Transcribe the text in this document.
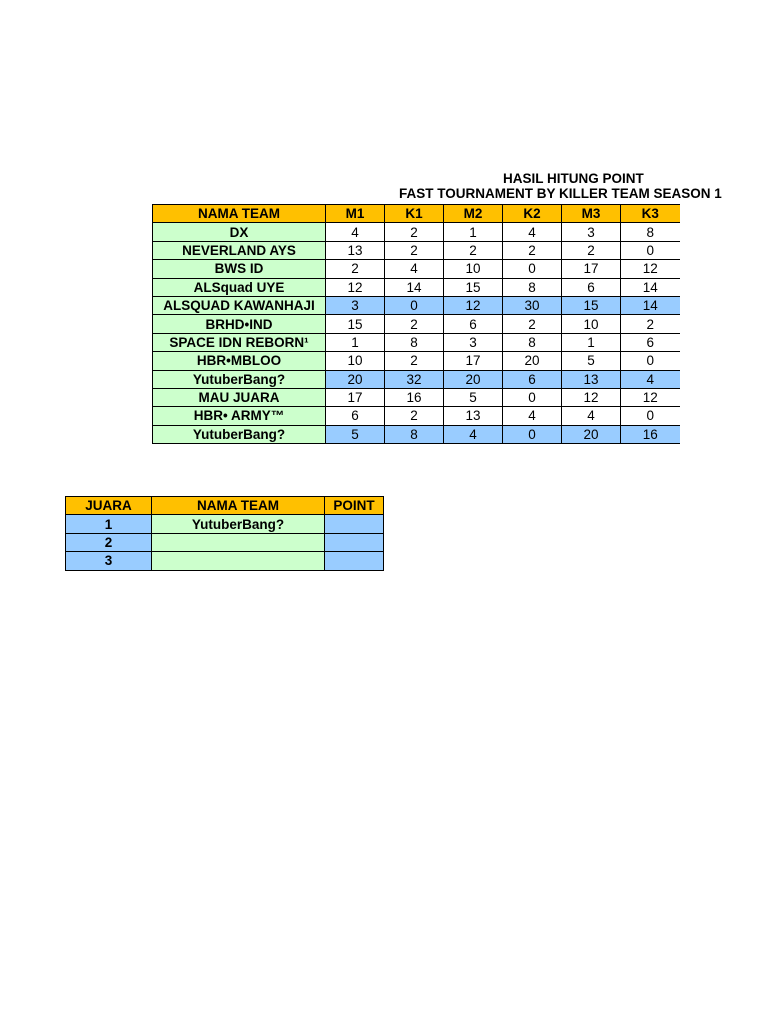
HASIL HITUNG POINT
FAST TOURNAMENT BY KILLER TEAM SEASON 1
NAMA TEAM	M1	K1	M2	K2	M3	K3
DX	4	2	1	4	3	8
NEVERLAND AYS	13	2	2	2	2	0
BWS ID	2	4	10	0	17	12
ALSquad UYE	12	14	15	8	6	14
ALSQUAD KAWANHAJI	3	0	12	30	15	14
BRHD•IND	15	2	6	2	10	2
SPACE IDN REBORN¹	1	8	3	8	1	6
HBR•MBLOO	10	2	17	20	5	0
YutuberBang?	20	32	20	6	13	4
MAU JUARA	17	16	5	0	12	12
HBR• ARMY™	6	2	13	4	4	0
YutuberBang?	5	8	4	0	20	16
JUARA	NAMA TEAM	POINT
1	YutuberBang?	
2		
3		
